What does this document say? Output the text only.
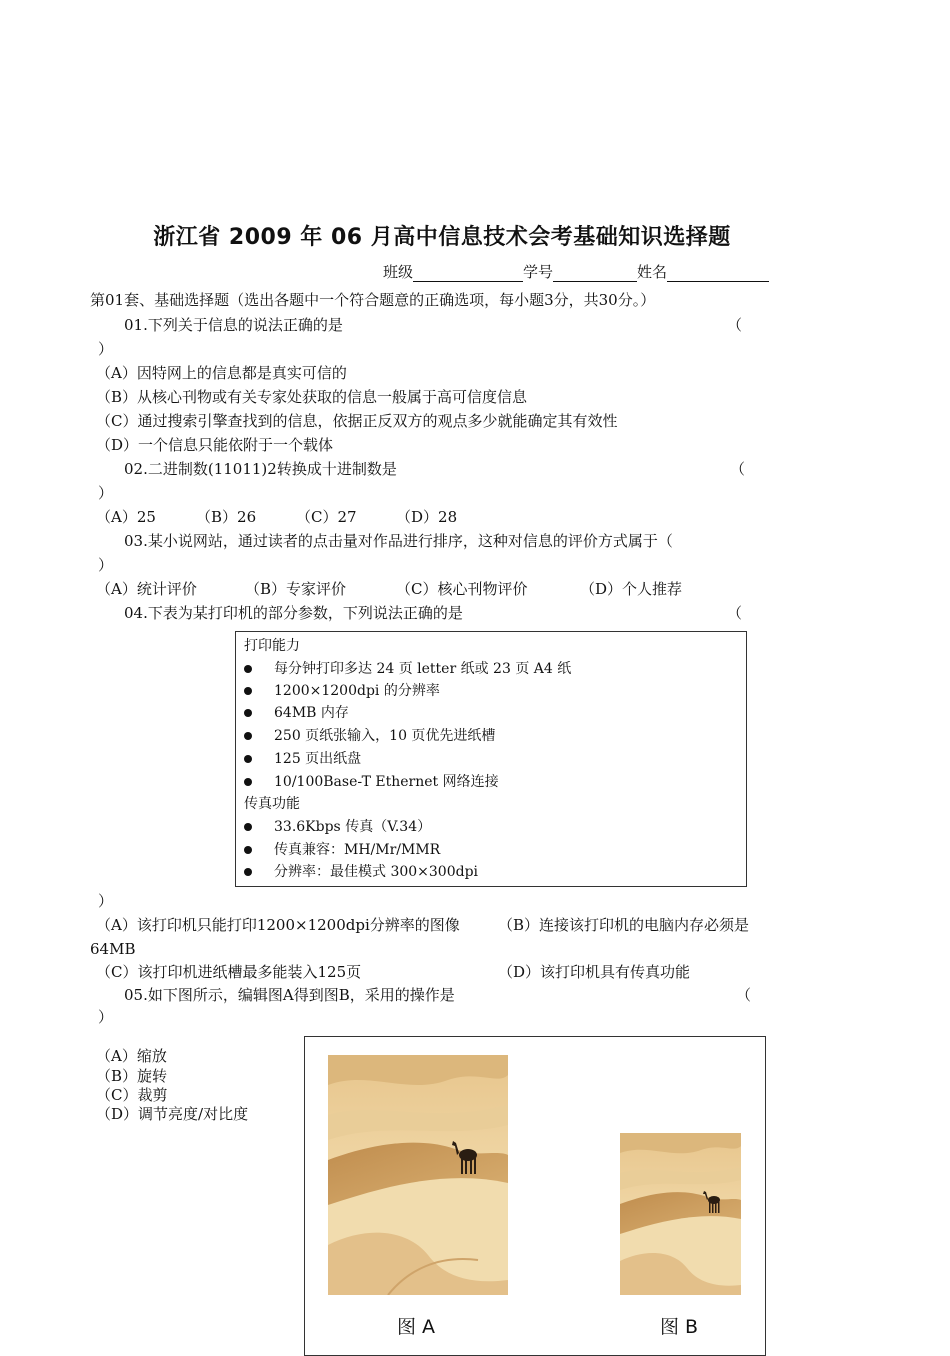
浙江省 2009 年 06 月高中信息技术会考基础知识选择题
班级	学号	姓名
第01套、基础选择题（选出各题中一个符合题意的正确选项，每小题3分，共30分。）
01.下列关于信息的说法正确的是	（
）
（A）因特网上的信息都是真实可信的
（B）从核心刊物或有关专家处获取的信息一般属于高可信度信息
（C）通过搜索引擎查找到的信息，依据正反双方的观点多少就能确定其有效性
（D）一个信息只能依附于一个载体
02.二进制数(11011)2转换成十进制数是	（
）
（A）25	（B）26	（C）27	（D）28
03.某小说网站，通过读者的点击量对作品进行排序，这种对信息的评价方式属于（
）
（A）统计评价	（B）专家评价	（C）核心刊物评价	（D）个人推荐
04.下表为某打印机的部分参数，下列说法正确的是	（
打印能力
每分钟打印多达 24 页 letter 纸或 23 页 A4 纸
1200×1200dpi 的分辨率
64MB 内存
250 页纸张输入，10 页优先进纸槽
125 页出纸盘
10/100Base-T Ethernet 网络连接
传真功能
33.6Kbps 传真（V.34）
传真兼容：MH/Mr/MMR
分辨率：最佳模式 300×300dpi
）
（A）该打印机只能打印1200×1200dpi分辨率的图像	（B）连接该打印机的电脑内存必须是
64MB
（C）该打印机进纸槽最多能装入125页	（D）该打印机具有传真功能
05.如下图所示，编辑图A得到图B，采用的操作是	（
）
（A）缩放
（B）旋转
（C）裁剪
（D）调节亮度/对比度
图 A	图 B
